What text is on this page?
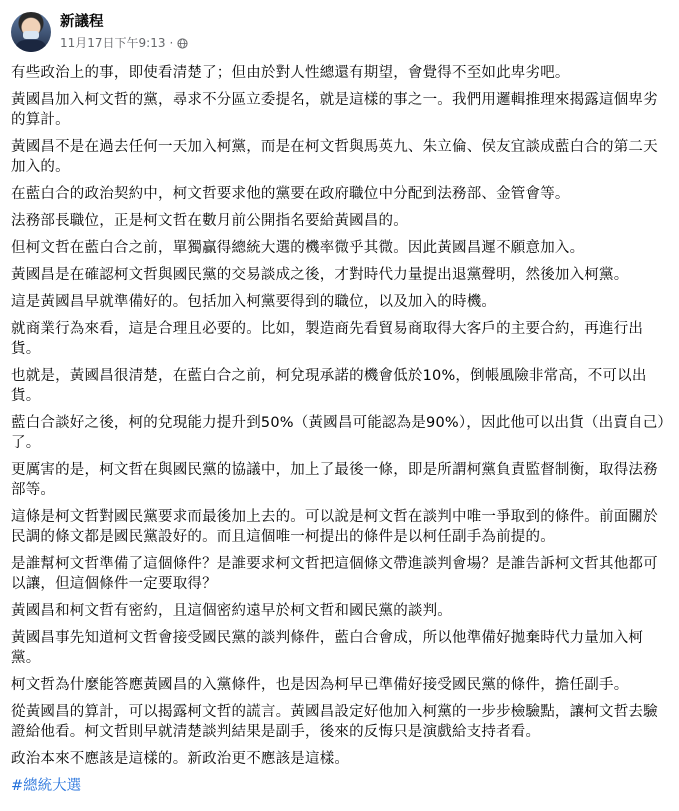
新議程
11月17日下午9:13 ·
有些政治上的事，即使看清楚了；但由於對人性總還有期望，會覺得不至如此卑劣吧。
黃國昌加入柯文哲的黨，尋求不分區立委提名，就是這樣的事之一。我們用邏輯推理來揭露這個卑劣的算計。
黃國昌不是在過去任何一天加入柯黨，而是在柯文哲與馬英九、朱立倫、侯友宜談成藍白合的第二天加入的。
在藍白合的政治契約中，柯文哲要求他的黨要在政府職位中分配到法務部、金管會等。
法務部長職位，正是柯文哲在數月前公開指名要給黃國昌的。
但柯文哲在藍白合之前，單獨贏得總統大選的機率微乎其微。因此黃國昌遲不願意加入。
黃國昌是在確認柯文哲與國民黨的交易談成之後，才對時代力量提出退黨聲明，然後加入柯黨。
這是黃國昌早就準備好的。包括加入柯黨要得到的職位，以及加入的時機。
就商業行為來看，這是合理且必要的。比如，製造商先看貿易商取得大客戶的主要合約，再進行出貨。
也就是，黃國昌很清楚，在藍白合之前，柯兌現承諾的機會低於10%，倒帳風險非常高，不可以出貨。
藍白合談好之後，柯的兌現能力提升到50%（黃國昌可能認為是90%），因此他可以出貨（出賣自己）了。
更厲害的是，柯文哲在與國民黨的協議中，加上了最後一條，即是所謂柯黨負責監督制衡，取得法務部等。
這條是柯文哲對國民黨要求而最後加上去的。可以說是柯文哲在談判中唯一爭取到的條件。前面關於民調的條文都是國民黨設好的。而且這個唯一柯提出的條件是以柯任副手為前提的。
是誰幫柯文哲準備了這個條件？是誰要求柯文哲把這個條文帶進談判會場？是誰告訴柯文哲其他都可以讓，但這個條件一定要取得？
黃國昌和柯文哲有密約，且這個密約遠早於柯文哲和國民黨的談判。
黃國昌事先知道柯文哲會接受國民黨的談判條件，藍白合會成，所以他準備好拋棄時代力量加入柯黨。
柯文哲為什麼能答應黃國昌的入黨條件，也是因為柯早已準備好接受國民黨的條件，擔任副手。
從黃國昌的算計，可以揭露柯文哲的謊言。黃國昌設定好他加入柯黨的一步步檢驗點，讓柯文哲去驗證給他看。柯文哲則早就清楚談判結果是副手，後來的反悔只是演戲給支持者看。
政治本來不應該是這樣的。新政治更不應該是這樣。
#總統大選
